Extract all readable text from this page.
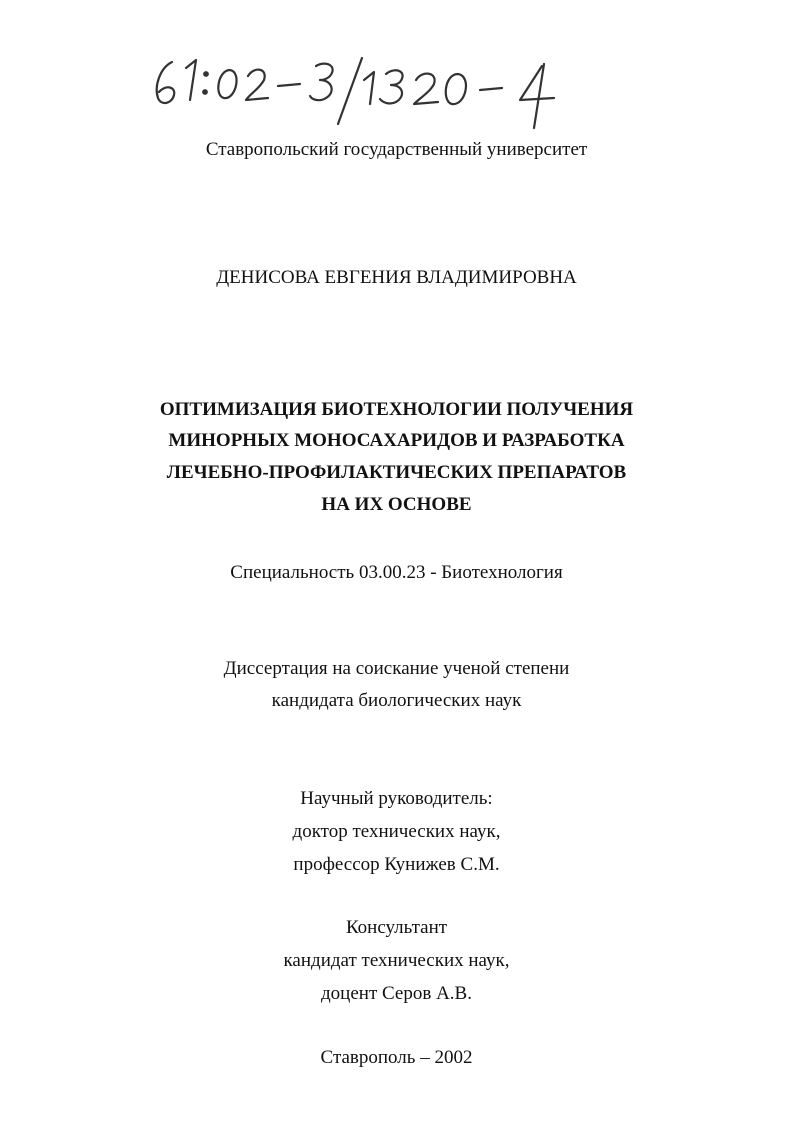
Ставропольский государственный университет
ДЕНИСОВА ЕВГЕНИЯ ВЛАДИМИРОВНА
ОПТИМИЗАЦИЯ БИОТЕХНОЛОГИИ ПОЛУЧЕНИЯ
МИНОРНЫХ МОНОСАХАРИДОВ И РАЗРАБОТКА
ЛЕЧЕБНО-ПРОФИЛАКТИЧЕСКИХ ПРЕПАРАТОВ
НА ИХ ОСНОВЕ
Специальность 03.00.23 - Биотехнология
Диссертация на соискание ученой степени
кандидата биологических наук
Научный руководитель:
доктор технических наук,
профессор Кунижев С.М.
Консультант
кандидат технических наук,
доцент Серов А.В.
Ставрополь – 2002
